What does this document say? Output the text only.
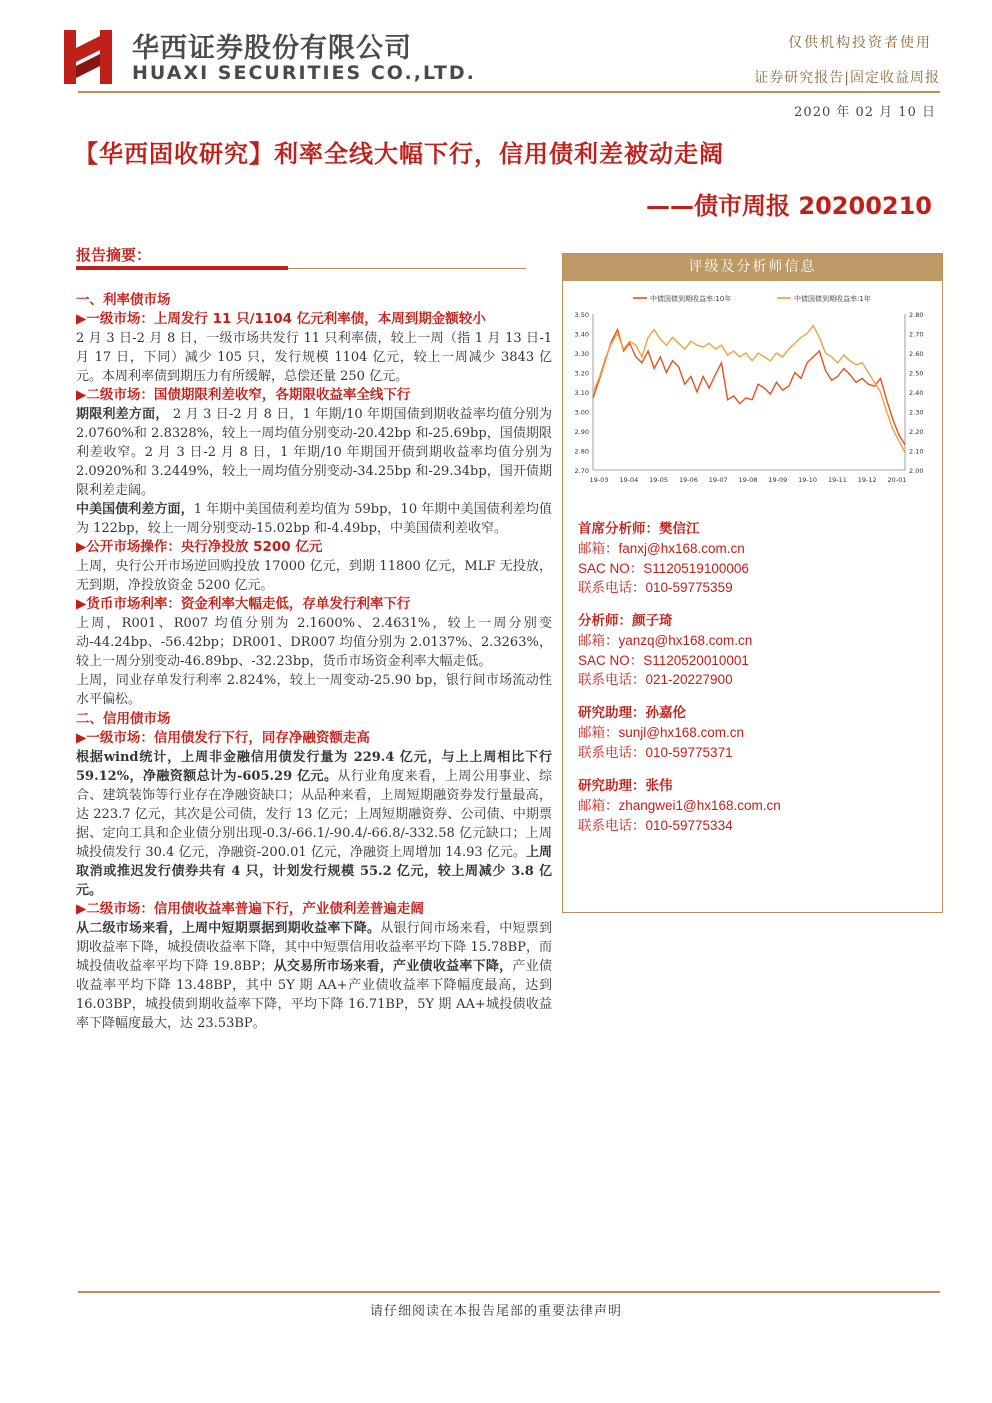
华西证券股份有限公司
HUAXI SECURITIES CO.,LTD.
仅供机构投资者使用
证券研究报告|固定收益周报
2020 年 02 月 10 日
【华西固收研究】利率全线大幅下行，信用债利差被动走阔
——债市周报 20200210
报告摘要：
一、利率债市场
▶一级市场：上周发行 11 只/1104 亿元利率债，本周到期金额较小

2 月 3 日-2 月 8 日，一级市场共发行 11 只利率债，较上一周（指 1 月 13 日-1 月 17 日，下同）减少 105 只，发行规模 1104 亿元，较上一周减少 3843 亿元。本周利率债到期压力有所缓解，总偿还量 250 亿元。

▶二级市场：国债期限利差收窄，各期限收益率全线下行

期限利差方面， 2 月 3 日-2 月 8 日，1 年期/10 年期国债到期收益率均值分别为 2.0760%和 2.8328%，较上一周均值分别变动-20.42bp 和-25.69bp，国债期限利差收窄。2 月 3 日-2 月 8 日，1 年期/10 年期国开债到期收益率均值分别为 2.0920%和 3.2449%，较上一周均值分别变动-34.25bp 和-29.34bp，国开债期限利差走阔。

中美国债利差方面，1 年期中美国债利差均值为 59bp，10 年期中美国债利差均值为 122bp，较上一周分别变动-15.02bp 和-4.49bp，中美国债利差收窄。

▶公开市场操作：央行净投放 5200 亿元

上周，央行公开市场逆回购投放 17000 亿元，到期 11800 亿元，MLF 无投放，无到期，净投放资金 5200 亿元。

▶货币市场利率：资金利率大幅走低，存单发行利率下行

上周，R001、R007 均值分别为 2.1600%、2.4631%，较上一周分别变动-44.24bp、-56.42bp；DR001、DR007 均值分别为 2.0137%、2.3263%，较上一周分别变动-46.89bp、-32.23bp，货币市场资金利率大幅走低。

上周，同业存单发行利率 2.824%，较上一周变动-25.90 bp，银行间市场流动性水平偏松。

二、信用债市场
▶一级市场：信用债发行下行，同存净融资额走高

根据wind统计，上周非金融信用债发行量为 229.4 亿元，与上上周相比下行 59.12%，净融资额总计为-605.29 亿元。从行业角度来看，上周公用事业、综合、建筑装饰等行业存在净融资缺口；从品种来看，上周短期融资券发行量最高，达 223.7 亿元，其次是公司债，发行 13 亿元；上周短期融资券、公司债、中期票据、定向工具和企业债分别出现-0.3/-66.1/-90.4/-66.8/-332.58 亿元缺口；上周城投债发行 30.4 亿元，净融资-200.01 亿元，净融资上周增加 14.93 亿元。上周取消或推迟发行债券共有 4 只，计划发行规模 55.2 亿元，较上周减少 3.8 亿元。

▶二级市场：信用债收益率普遍下行，产业债利差普遍走阔

从二级市场来看，上周中短期票据到期收益率下降。从银行间市场来看，中短票到期收益率下降，城投债收益率下降，其中中短票信用收益率平均下降 15.78BP，而城投债收益率平均下降 19.8BP；从交易所市场来看，产业债收益率下降，产业债收益率平均下降 13.48BP，其中 5Y 期 AA+产业债收益率下降幅度最高，达到 16.03BP，城投债到期收益率下降，平均下降 16.71BP，5Y 期 AA+城投债收益率下降幅度最大，达 23.53BP。

评级及分析师信息
3.50
3.40
3.30
3.20
3.10
3.00
2.90
2.80
2.70
2.80
2.70
2.60
2.50
2.40
2.30
2.20
2.10
2.00
19-03 19-04 19-05 19-06 19-07 19-08 19-09 19-10 19-11 19-12 20-01
中债国债到期收益率:10年	中债国债到期收益率:1年
首席分析师：樊信江
邮箱：fanxj@hx168.com.cn
SAC NO：S1120519100006
联系电话：010-59775359
分析师：颜子琦
邮箱：yanzq@hx168.com.cn
SAC NO：S1120520010001
联系电话：021-20227900
研究助理：孙嘉伦
邮箱：sunjl@hx168.com.cn
联系电话：010-59775371
研究助理：张伟
邮箱：zhangwei1@hx168.com.cn
联系电话：010-59775334
请仔细阅读在本报告尾部的重要法律声明
